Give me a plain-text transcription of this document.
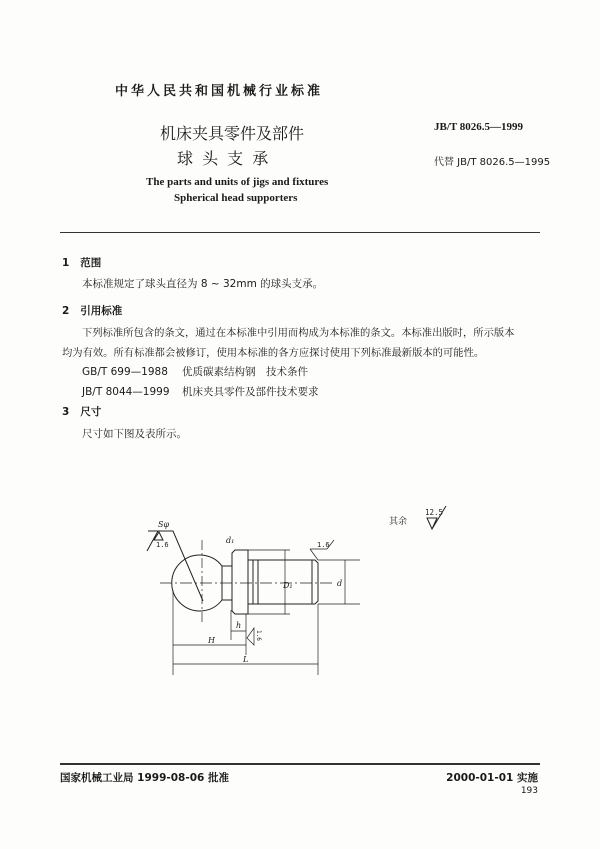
中华人民共和国机械行业标准
机床夹具零件及部件
球 头 支 承
JB/T 8026.5—1999
代替 JB/T 8026.5—1995
The parts and units of jigs and fixtures
Spherical head supporters
1 范围
本标准规定了球头直径为 8 ~ 32mm 的球头支承。
2 引用标准
下列标准所包含的条文，通过在本标准中引用而构成为本标准的条文。本标准出版时，所示版本
均为有效。所有标准都会被修订，使用本标准的各方应探讨使用下列标准最新版本的可能性。
GB/T 699—1988 优质碳素结构钢　技术条件
JB/T 8044—1999 机床夹具零件及部件技术要求
3 尺寸
尺寸如下图及表所示。
其余
12.5
Sφ
1.6
D₁	d
d₁	1.6
h
H
L
1.6
国家机械工业局 1999-08-06 批准	2000-01-01 实施
193
